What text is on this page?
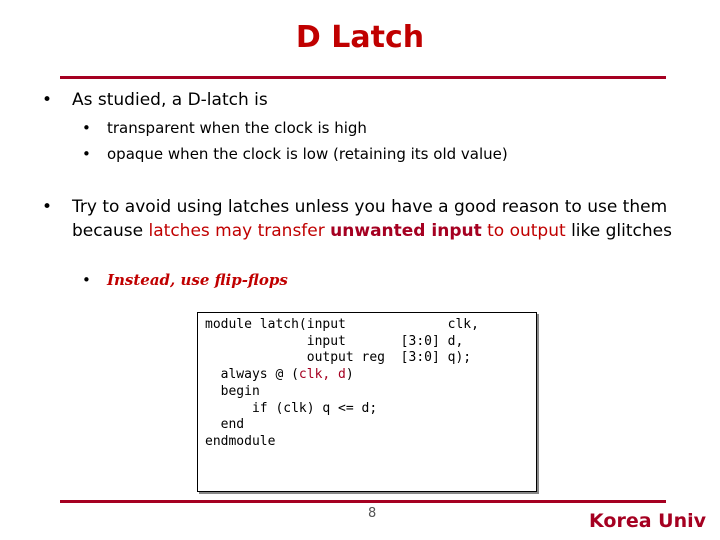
D Latch
• As studied, a D-latch is
• transparent when the clock is high
• opaque when the clock is low (retaining its old value)
• Try to avoid using latches unless you have a good reason to use them because latches may transfer unwanted input to output like glitches
• Instead, use flip-flops
module latch(input             clk,
input       [3:0] d,
output reg  [3:0] q);
always @ (clk, d)
begin
if (clk) q <= d;
end
endmodule
8	Korea Univ
